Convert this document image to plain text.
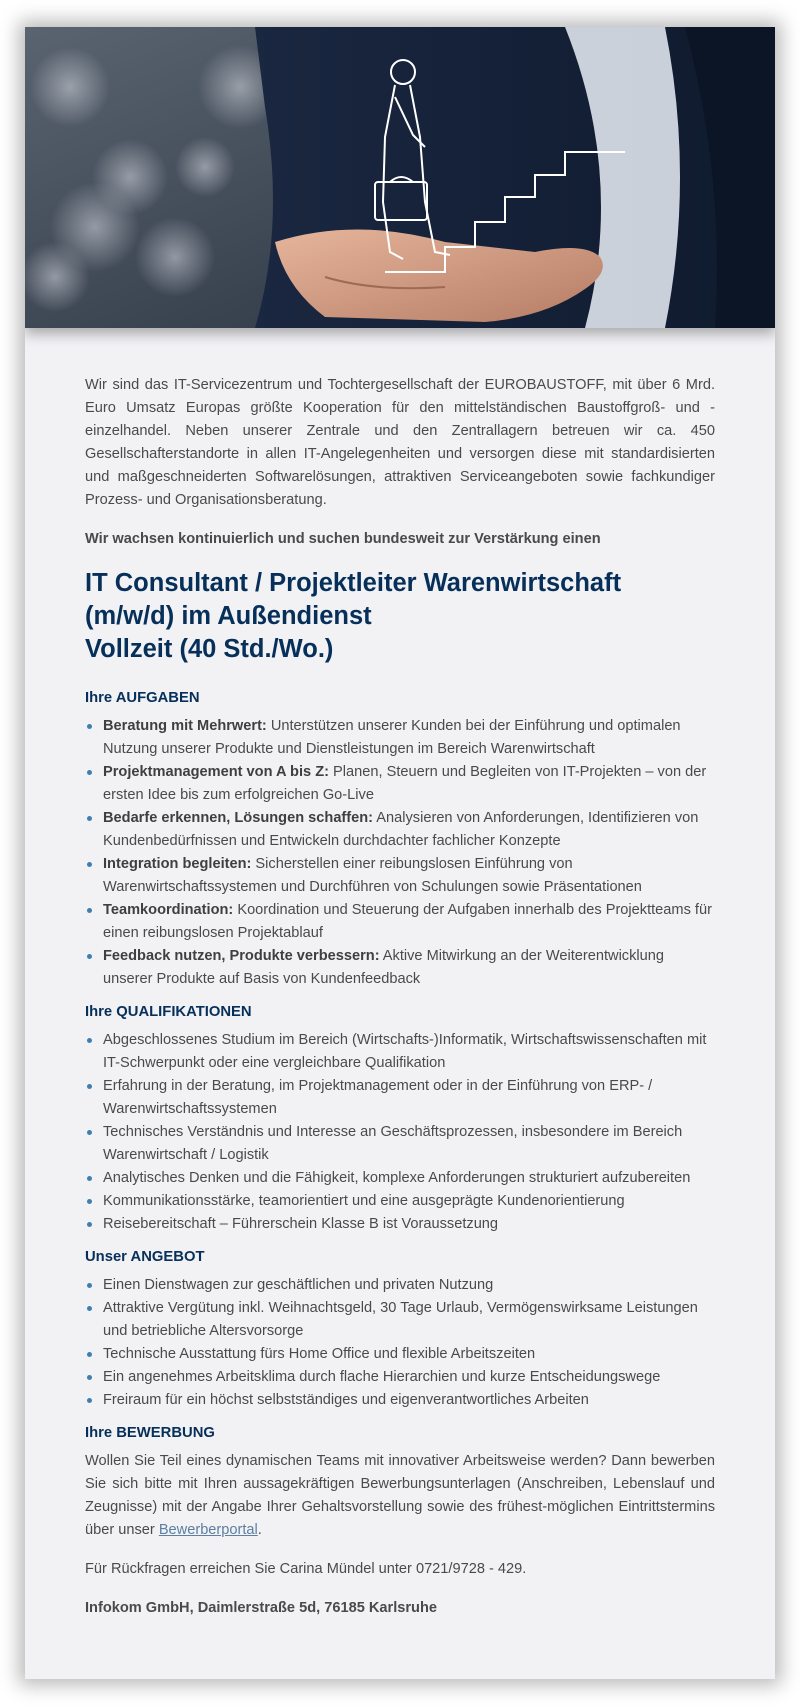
Wir sind das IT-Servicezentrum und Tochtergesellschaft der EUROBAUSTOFF, mit über 6 Mrd. Euro Umsatz Europas größte Kooperation für den mittelständischen Baustoffgroß- und -einzelhandel. Neben unserer Zentrale und den Zentrallagern betreuen wir ca. 450 Gesellschafterstandorte in allen IT-Angelegenheiten und versorgen diese mit standardisierten und maßgeschneiderten Softwarelösungen, attraktiven Serviceangeboten sowie fachkundiger Prozess- und Organisationsberatung.

Wir wachsen kontinuierlich und suchen bundesweit zur Verstärkung einen

IT Consultant / Projektleiter Warenwirtschaft
(m/w/d) im Außendienst
Vollzeit (40 Std./Wo.)
Ihre AUFGABEN
Beratung mit Mehrwert: Unterstützen unserer Kunden bei der Einführung und optimalen Nutzung unserer Produkte und Dienstleistungen im Bereich Warenwirtschaft
Projektmanagement von A bis Z: Planen, Steuern und Begleiten von IT-Projekten – von der ersten Idee bis zum erfolgreichen Go-Live
Bedarfe erkennen, Lösungen schaffen: Analysieren von Anforderungen, Identifizieren von Kundenbedürfnissen und Entwickeln durchdachter fachlicher Konzepte
Integration begleiten: Sicherstellen einer reibungslosen Einführung von Warenwirtschaftssystemen und Durchführen von Schulungen sowie Präsentationen
Teamkoordination: Koordination und Steuerung der Aufgaben innerhalb des Projektteams für einen reibungslosen Projektablauf
Feedback nutzen, Produkte verbessern: Aktive Mitwirkung an der Weiterentwicklung unserer Produkte auf Basis von Kundenfeedback
Ihre QUALIFIKATIONEN
Abgeschlossenes Studium im Bereich (Wirtschafts-)Informatik, Wirtschaftswissenschaften mit IT-Schwerpunkt oder eine vergleichbare Qualifikation
Erfahrung in der Beratung, im Projektmanagement oder in der Einführung von ERP- / Warenwirtschaftssystemen
Technisches Verständnis und Interesse an Geschäftsprozessen, insbesondere im Bereich Warenwirtschaft / Logistik
Analytisches Denken und die Fähigkeit, komplexe Anforderungen strukturiert aufzubereiten
Kommunikationsstärke, teamorientiert und eine ausgeprägte Kundenorientierung
Reisebereitschaft – Führerschein Klasse B ist Voraussetzung
Unser ANGEBOT
Einen Dienstwagen zur geschäftlichen und privaten Nutzung
Attraktive Vergütung inkl. Weihnachtsgeld, 30 Tage Urlaub, Vermögenswirksame Leistungen und betriebliche Altersvorsorge
Technische Ausstattung fürs Home Office und flexible Arbeitszeiten
Ein angenehmes Arbeitsklima durch flache Hierarchien und kurze Entscheidungswege
Freiraum für ein höchst selbstständiges und eigenverantwortliches Arbeiten
Ihre BEWERBUNG

Wollen Sie Teil eines dynamischen Teams mit innovativer Arbeitsweise werden? Dann bewerben Sie sich bitte mit Ihren aussagekräftigen Bewerbungsunterlagen (Anschreiben, Lebenslauf und Zeugnisse) mit der Angabe Ihrer Gehaltsvorstellung sowie des frühest-möglichen Eintrittstermins über unser Bewerberportal.

Für Rückfragen erreichen Sie Carina Mündel unter 0721/9728 - 429.

Infokom GmbH, Daimlerstraße 5d, 76185 Karlsruhe
